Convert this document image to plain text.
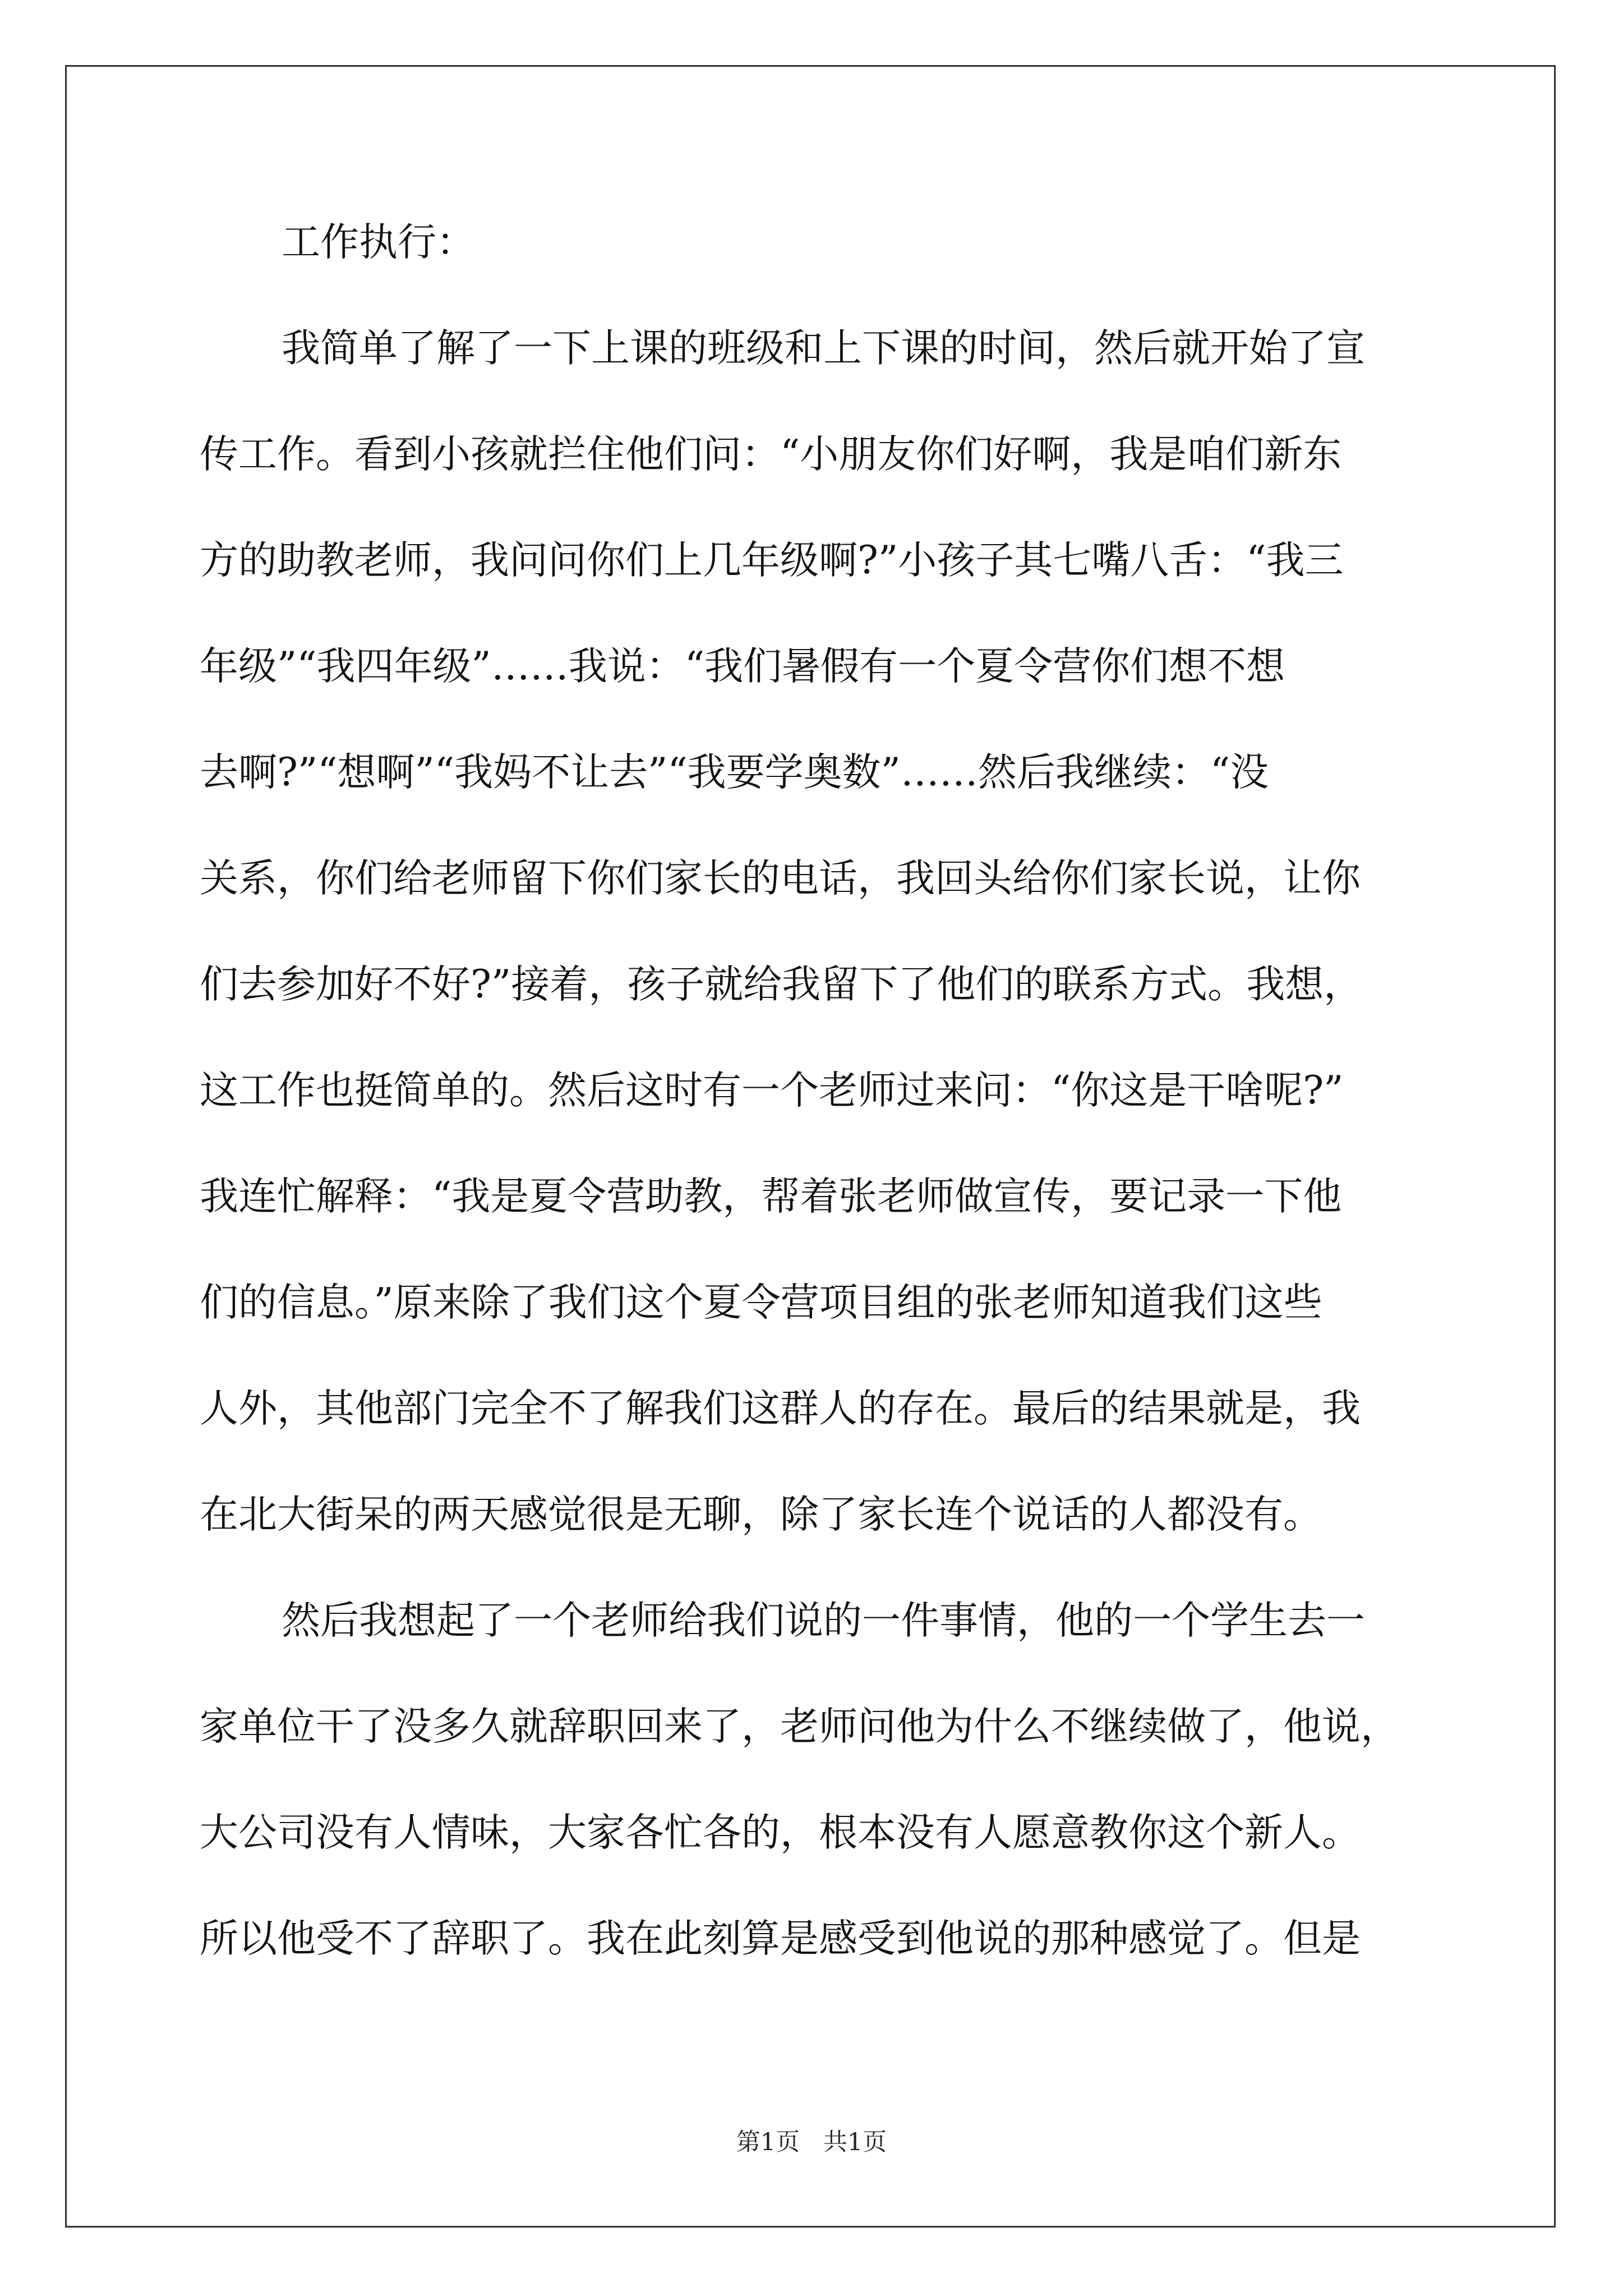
工作执行：
我简单了解了一下上课的班级和上下课的时间，然后就开始了宣
传工作。看到小孩就拦住他们问：“小朋友你们好啊，我是咱们新东
方的助教老师，我问问你们上几年级啊?”小孩子其七嘴八舌：“我三
年级”“我四年级”……我说：“我们暑假有一个夏令营你们想不想
去啊?”“想啊”“我妈不让去”“我要学奥数”……然后我继续：“没
关系，你们给老师留下你们家长的电话，我回头给你们家长说，让你
们去参加好不好?”接着，孩子就给我留下了他们的联系方式。我想，
这工作也挺简单的。然后这时有一个老师过来问：“你这是干啥呢?”
我连忙解释：“我是夏令营助教，帮着张老师做宣传，要记录一下他
们的信息。”原来除了我们这个夏令营项目组的张老师知道我们这些
人外，其他部门完全不了解我们这群人的存在。最后的结果就是，我
在北大街呆的两天感觉很是无聊，除了家长连个说话的人都没有。
然后我想起了一个老师给我们说的一件事情，他的一个学生去一
家单位干了没多久就辞职回来了，老师问他为什么不继续做了，他说，
大公司没有人情味，大家各忙各的，根本没有人愿意教你这个新人。
所以他受不了辞职了。我在此刻算是感受到他说的那种感觉了。但是
第1页 共1页
